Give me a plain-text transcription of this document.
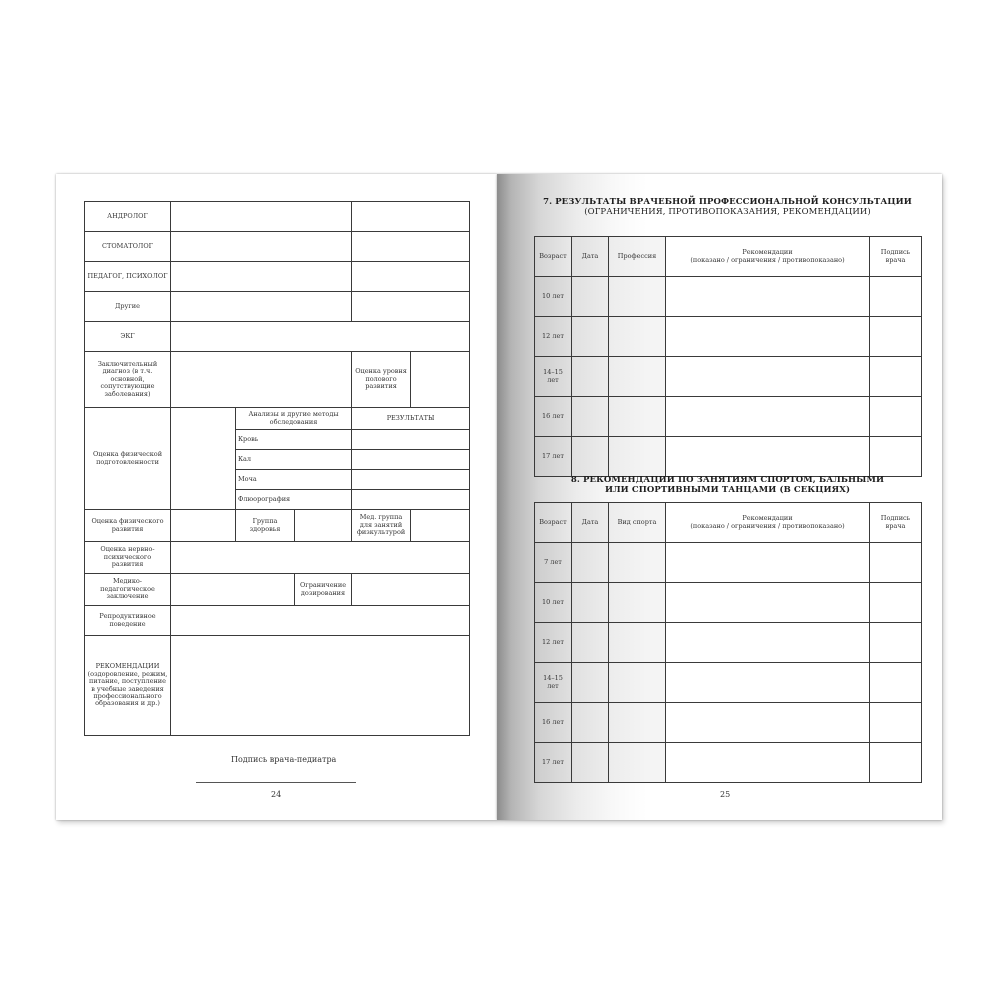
АНДРОЛОГ					
СТОМАТОЛОГ					
ПЕДАГОГ, ПСИХОЛОГ					
Другие					
ЭКГ					
Заключительный диагноз (в т.ч. основной, сопутствующие заболевания)				Оценка уровня полового развития	
Оценка физической подготовленности		Анализы и другие методы обследования		РЕЗУЛЬТАТЫ	
		Кровь			
		Кал			
		Моча			
		Флюорография			
Оценка физического развития		Группа здоровья		Мед. группа для занятий физкультурой	
Оценка нервно-психического развития					
Медико-педагогическое заключение			Ограничение дозирования		
Репродуктивное поведение					
РЕКОМЕНДАЦИИ (оздоровление, режим, питание, поступление в учебные заведения профессионального образования и др.)					
Подпись врача-педиатра
24
7. РЕЗУЛЬТАТЫ ВРАЧЕБНОЙ ПРОФЕССИОНАЛЬНОЙ КОНСУЛЬТАЦИИ
(ОГРАНИЧЕНИЯ, ПРОТИВОПОКАЗАНИЯ, РЕКОМЕНДАЦИИ)
Возраст	Дата	Профессия	Рекомендации
(показано / ограничения / противопоказано)	Подпись врача
10 лет				
12 лет				
14–15 лет				
16 лет				
17 лет				
8. РЕКОМЕНДАЦИИ ПО ЗАНЯТИЯМ СПОРТОМ, БАЛЬНЫМИ
ИЛИ СПОРТИВНЫМИ ТАНЦАМИ (В СЕКЦИЯХ)
Возраст	Дата	Вид спорта	Рекомендации
(показано / ограничения / противопоказано)	Подпись врача
7 лет				
10 лет				
12 лет				
14–15 лет				
16 лет				
17 лет				
25
